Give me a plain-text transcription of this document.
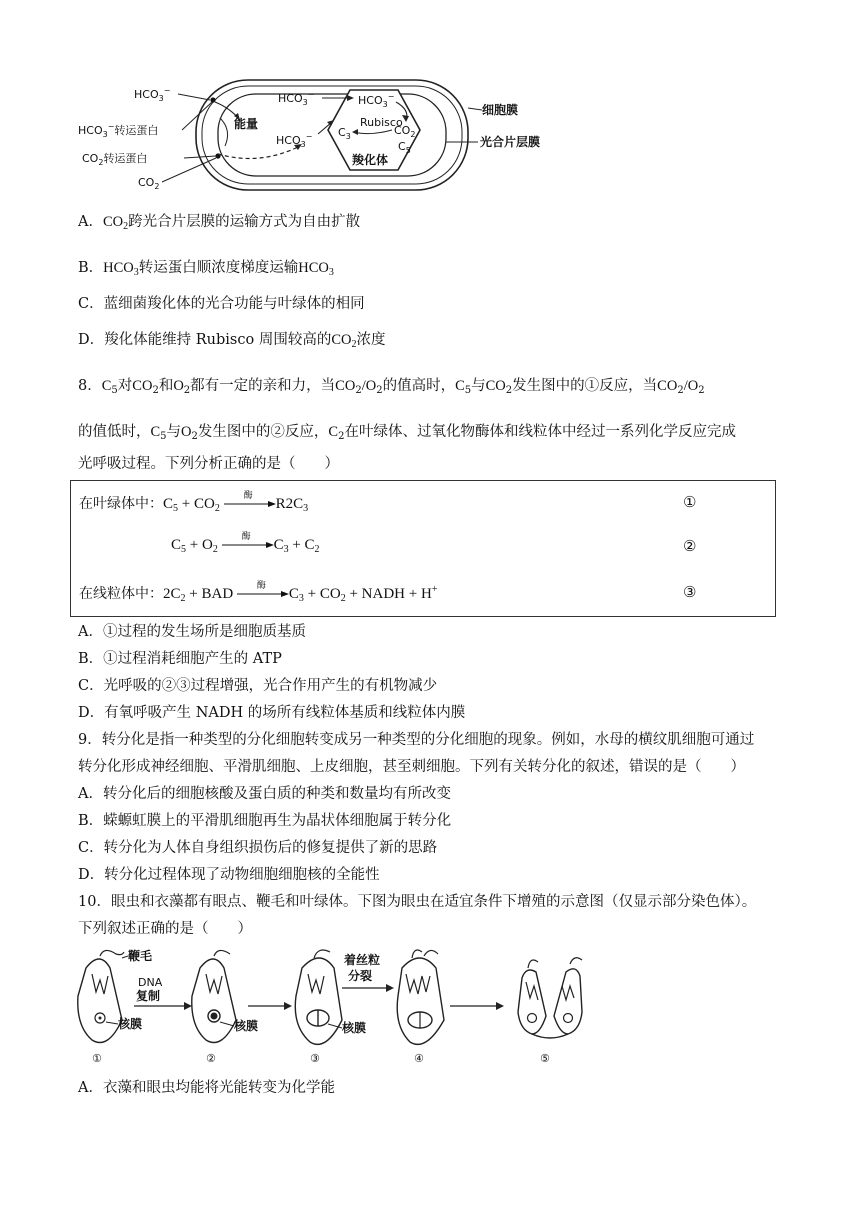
$HCO_3^-$
$HCO_3^-$转运蛋白
$CO_2$转运蛋白
$CO_2$
能量
$HCO_3^-$
$HCO_3^-$
$HCO_3^-$
Rubisco
$C_3$	$CO_2$
$C_5$
羧化体
细胞膜
光合片层膜
A．$CO_2$跨光合片层膜的运输方式为自由扩散
B．$HCO_3$转运蛋白顺浓度梯度运输$HCO_3$
C．蓝细菌羧化体的光合功能与叶绿体的相同
D．羧化体能维持 Rubisco 周围较高的$CO_2$浓度
8．$C_5$对$CO_2$和$O_2$都有一定的亲和力，当$CO_2/O_2$的值高时，$C_5$与$CO_2$发生图中的①反应，当$CO_2/O_2$
的值低时，$C_5$与$O_2$发生图中的②反应，$C_2$在叶绿体、过氧化物酶体和线粒体中经过一系列化学反应完成
光呼吸过程。下列分析正确的是（　　）
在叶绿体中：$C_5 + CO_2$
酶
$R2C_3$
$C_5 + O_2$
酶
$C_3 + C_2$
在线粒体中：$2C_2$ + BAD
酶
$C_3 + CO_2$ + NADH + H+
①
②
③
A．①过程的发生场所是细胞质基质
B．①过程消耗细胞产生的 ATP
C．光呼吸的②③过程增强，光合作用产生的有机物减少
D．有氧呼吸产生 NADH 的场所有线粒体基质和线粒体内膜
9．转分化是指一种类型的分化细胞转变成另一种类型的分化细胞的现象。例如，水母的横纹肌细胞可通过
转分化形成神经细胞、平滑肌细胞、上皮细胞，甚至刺细胞。下列有关转分化的叙述，错误的是（　　）
A．转分化后的细胞核酸及蛋白质的种类和数量均有所改变
B．蝾螈虹膜上的平滑肌细胞再生为晶状体细胞属于转分化
C．转分化为人体自身组织损伤后的修复提供了新的思路
D．转分化过程体现了动物细胞细胞核的全能性
10．眼虫和衣藻都有眼点、鞭毛和叶绿体。下图为眼虫在适宜条件下增殖的示意图（仅显示部分染色体）。
下列叙述正确的是（　　）
鞭毛
核膜
DNA
复制
①
核膜
②
核膜
着丝粒
分裂
③	④	⑤
A．衣藻和眼虫均能将光能转变为化学能
